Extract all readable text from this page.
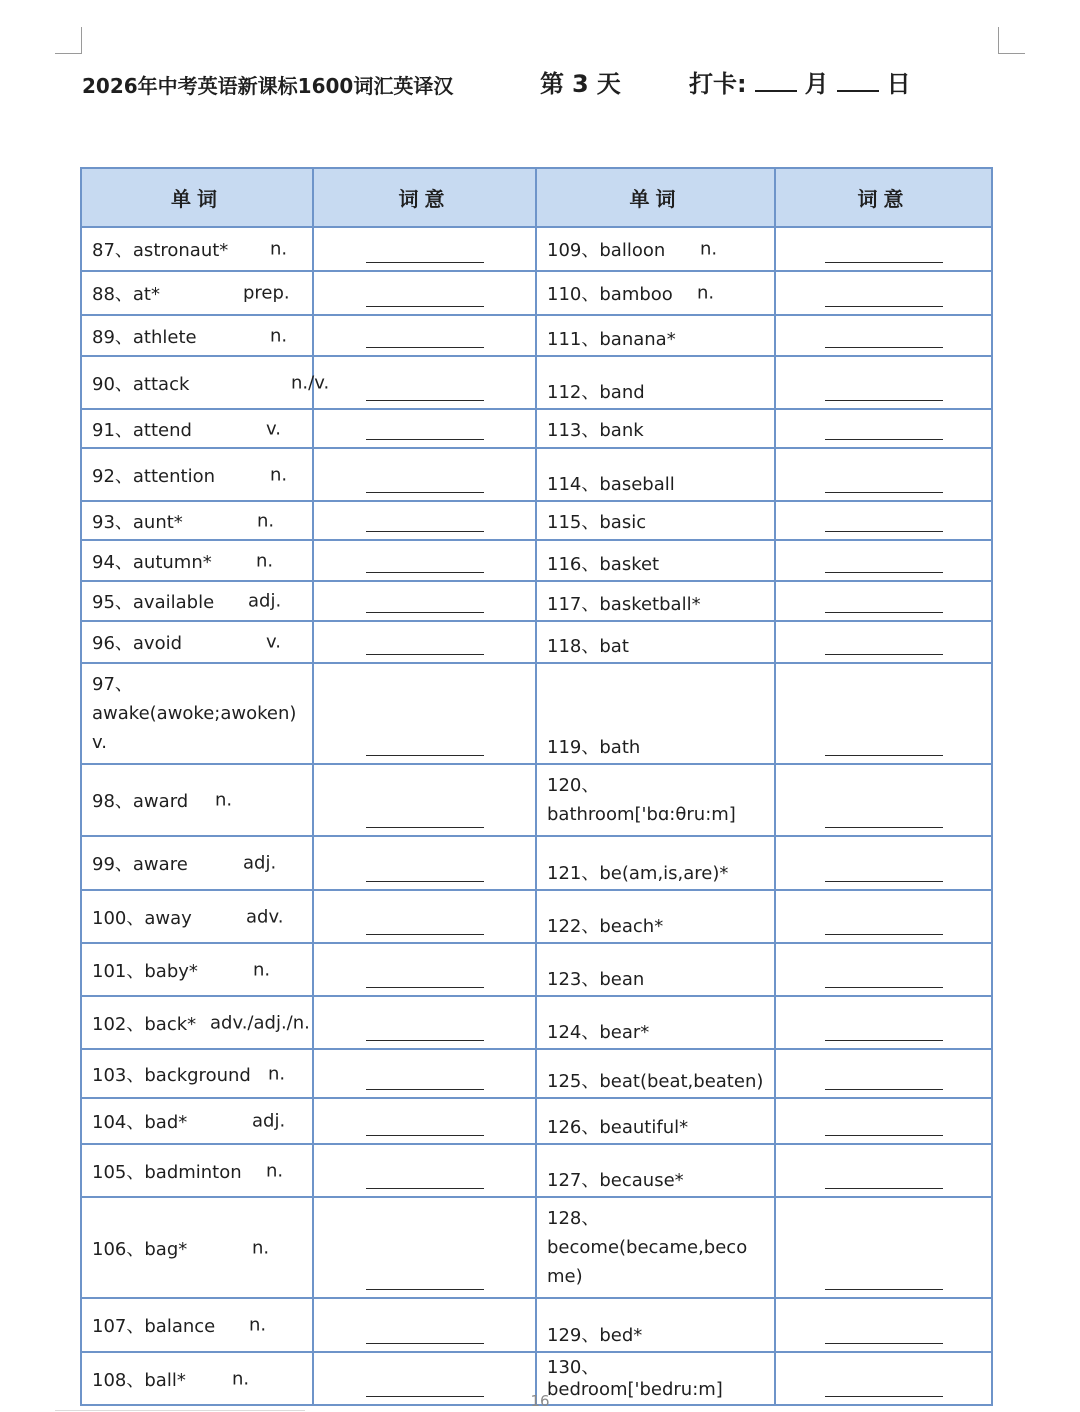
2026年中考英语新课标1600词汇英译汉	第 3 天	打卡: 月 日
单词	词意	单词	词意
87、astronaut* n.		109、balloon n.	

88、at* prep.		110、bamboo n.	

89、athlete n.		111、banana*	

90、attack n./v.		112、band	

91、attend v.		113、bank	

92、attention n.		114、baseball	

93、aunt* n.		115、basic	

94、autumn* n.		116、basket	

95、available adj.		117、basketball*	

96、avoid v.		118、bat	

97、
awake(awoke;awoken)
v.		119、bath	

98、award n.		120、
bathroom['bɑ:θru:m]	

99、aware adj.		121、be(am,is,are)*	

100、away adv.		122、beach*	

101、baby* n.		123、bean	

102、back* adv./adj./n.		124、bear*	

103、background n.		125、beat(beat,beaten)	

104、bad* adj.		126、beautiful*	

105、badminton n.		127、because*	

106、bag* n.		128、
become(became,become)	

107、balance n.		129、bed*	

108、ball* n.		130、bedroom['bedru:m]	
16
